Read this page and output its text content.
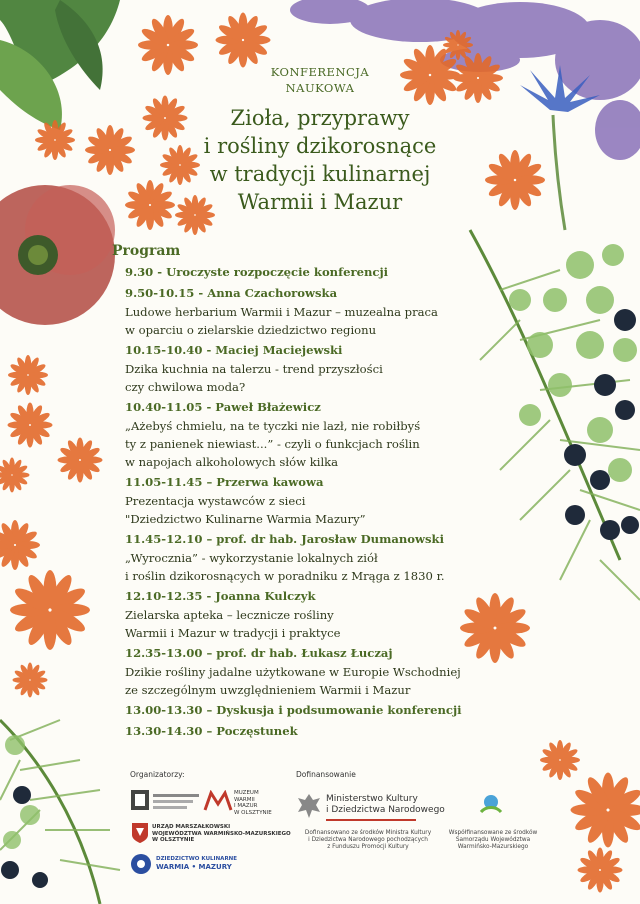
KONFERENCJA
NAUKOWA
Zioła, przyprawy
i rośliny dzikorosnące
w tradycji kulinarnej
Warmii i Mazur
Program
9.30 - Uroczyste rozpoczęcie konferencji
9.50-10.15 - Anna Czachorowska
Ludowe herbarium Warmii i Mazur – muzealna praca
w oparciu o zielarskie dziedzictwo regionu
10.15-10.40 - Maciej Maciejewski
Dzika kuchnia na talerzu - trend przyszłości
czy chwilowa moda?
10.40-11.05 - Paweł Błażewicz
„Ażebyś chmielu, na te tyczki nie lazł, nie robiłbyś
ty z panienek niewiast...” - czyli o funkcjach roślin
w napojach alkoholowych słów kilka
11.05-11.45 – Przerwa kawowa
Prezentacja wystawców z sieci
"Dziedzictwo Kulinarne Warmia Mazury”
11.45-12.10 – prof. dr hab. Jarosław Dumanowski
„Wyrocznia” - wykorzystanie lokalnych ziół
i roślin dzikorosnących w poradniku z Mrąga z 1830 r.
12.10-12.35 - Joanna Kulczyk
Zielarska apteka – lecznicze rośliny
Warmii i Mazur w tradycji i praktyce
12.35-13.00 – prof. dr hab. Łukasz Łuczaj
Dzikie rośliny jadalne użytkowane w Europie Wschodniej
ze szczególnym uwzględnieniem Warmii i Mazur
13.00-13.30 – Dyskusja i podsumowanie konferencji
13.30-14.30 – Poczęstunek
Organizatorzy:	Dofinansowanie
MUZEUM
WARMII
I MAZUR
W OLSZTYNIE
URZĄD MARSZAŁKOWSKI
WOJEWÓDZTWA WARMIŃSKO-MAZURSKIEGO
W OLSZTYNIE
DZIEDZICTWO KULINARNE
WARMIA • MAZURY
Ministerstwo Kultury
i Dziedzictwa Narodowego
Dofinansowano ze środków Ministra Kultury
i Dziedzictwa Narodowego pochodzących
z Funduszu Promocji Kultury
Współfinansowane ze środków
Samorządu Województwa
Warmińsko-Mazurskiego
